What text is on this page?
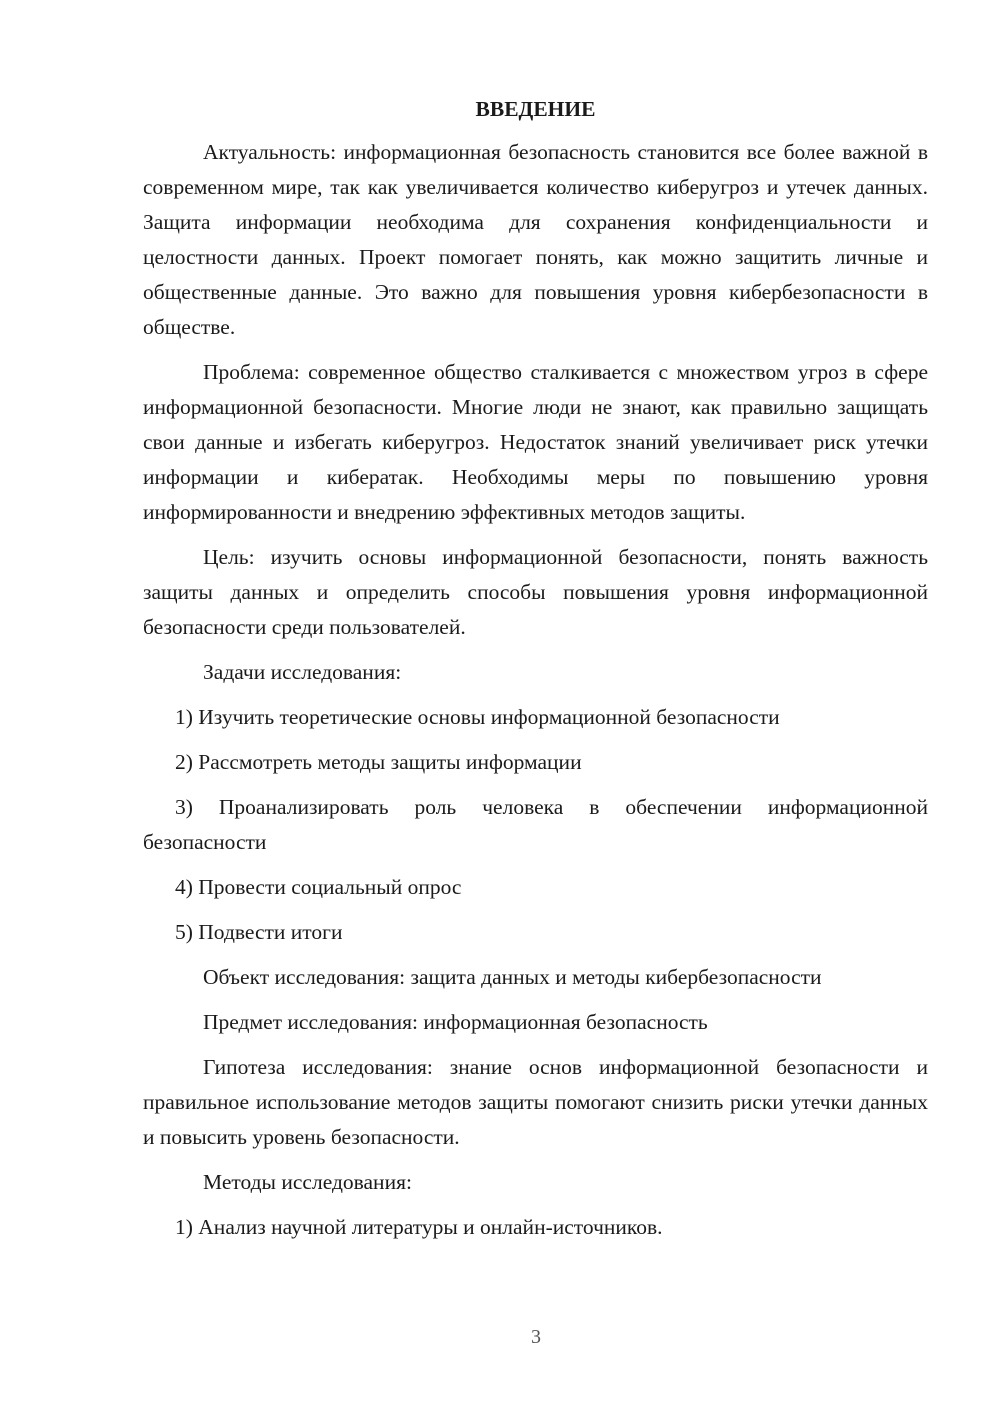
ВВЕДЕНИЕ

Актуальность: информационная безопасность становится все более важной в современном мире, так как увеличивается количество киберугроз и утечек данных. Защита информации необходима для сохранения конфиденциальности и целостности данных. Проект помогает понять, как можно защитить личные и общественные данные. Это важно для повышения уровня кибербезопасности в обществе.

Проблема: современное общество сталкивается с множеством угроз в сфере информационной безопасности. Многие люди не знают, как правильно защищать свои данные и избегать киберугроз. Недостаток знаний увеличивает риск утечки информации и кибератак. Необходимы меры по повышению уровня информированности и внедрению эффективных методов защиты.

Цель: изучить основы информационной безопасности, понять важность защиты данных и определить способы повышения уровня информационной безопасности среди пользователей.

Задачи исследования:

1) Изучить теоретические основы информационной безопасности

2) Рассмотреть методы защиты информации

3) Проанализировать роль человека в обеспечении информационной безопасности

4) Провести социальный опрос

5) Подвести итоги

Объект исследования: защита данных и методы кибербезопасности

Предмет исследования: информационная безопасность

Гипотеза исследования: знание основ информационной безопасности и правильное использование методов защиты помогают снизить риски утечки данных и повысить уровень безопасности.

Методы исследования:

1) Анализ научной литературы и онлайн-источников.

3
